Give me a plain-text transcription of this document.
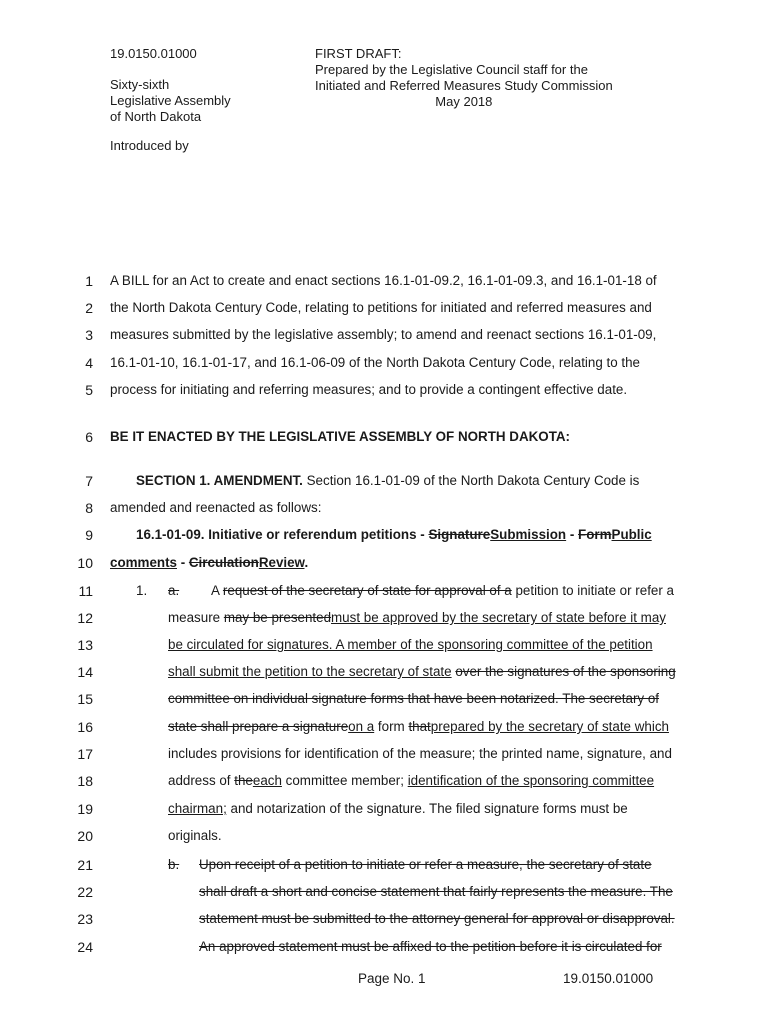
19.0150.01000
Sixty-sixth
Legislative Assembly
of North Dakota
FIRST DRAFT:
Prepared by the Legislative Council staff for the
Initiated and Referred Measures Study Commission
May 2018
Introduced by
1
2
3
4
5
6
7
8
9
10
11
12
13
14
15
16
17
18
19
20
21
22
23
24
A BILL for an Act to create and enact sections 16.1-01-09.2, 16.1-01-09.3, and 16.1-01-18 of
the North Dakota Century Code, relating to petitions for initiated and referred measures and
measures submitted by the legislative assembly; to amend and reenact sections 16.1-01-09,
16.1-01-10, 16.1-01-17, and 16.1-06-09 of the North Dakota Century Code, relating to the
process for initiating and referring measures; and to provide a contingent effective date.
BE IT ENACTED BY THE LEGISLATIVE ASSEMBLY OF NORTH DAKOTA:
SECTION 1. AMENDMENT. Section 16.1-01-09 of the North Dakota Century Code is
amended and reenacted as follows:
16.1-01-09. Initiative or referendum petitions - SignatureSubmission - FormPublic
comments - CirculationReview.
1.
measure may be presentedmust be approved by the secretary of state before it may
be circulated for signatures. A member of the sponsoring committee of the petition
shall submit the petition to the secretary of state over the signatures of the sponsoring
committee on individual signature forms that have been notarized. The secretary of
state shall prepare a signatureon a form thatprepared by the secretary of state which
includes provisions for identification of the measure; the printed name, signature, and
address of theeach committee member; identification of the sponsoring committee
chairman; and notarization of the signature. The filed signature forms must be
originals.
b.
shall draft a short and concise statement that fairly represents the measure. The
statement must be submitted to the attorney general for approval or disapproval.
An approved statement must be affixed to the petition before it is circulated for
a. A request of the secretary of state for approval of a petition to initiate or refer a
Upon receipt of a petition to initiate or refer a measure, the secretary of state
Page No. 1	19.0150.01000
